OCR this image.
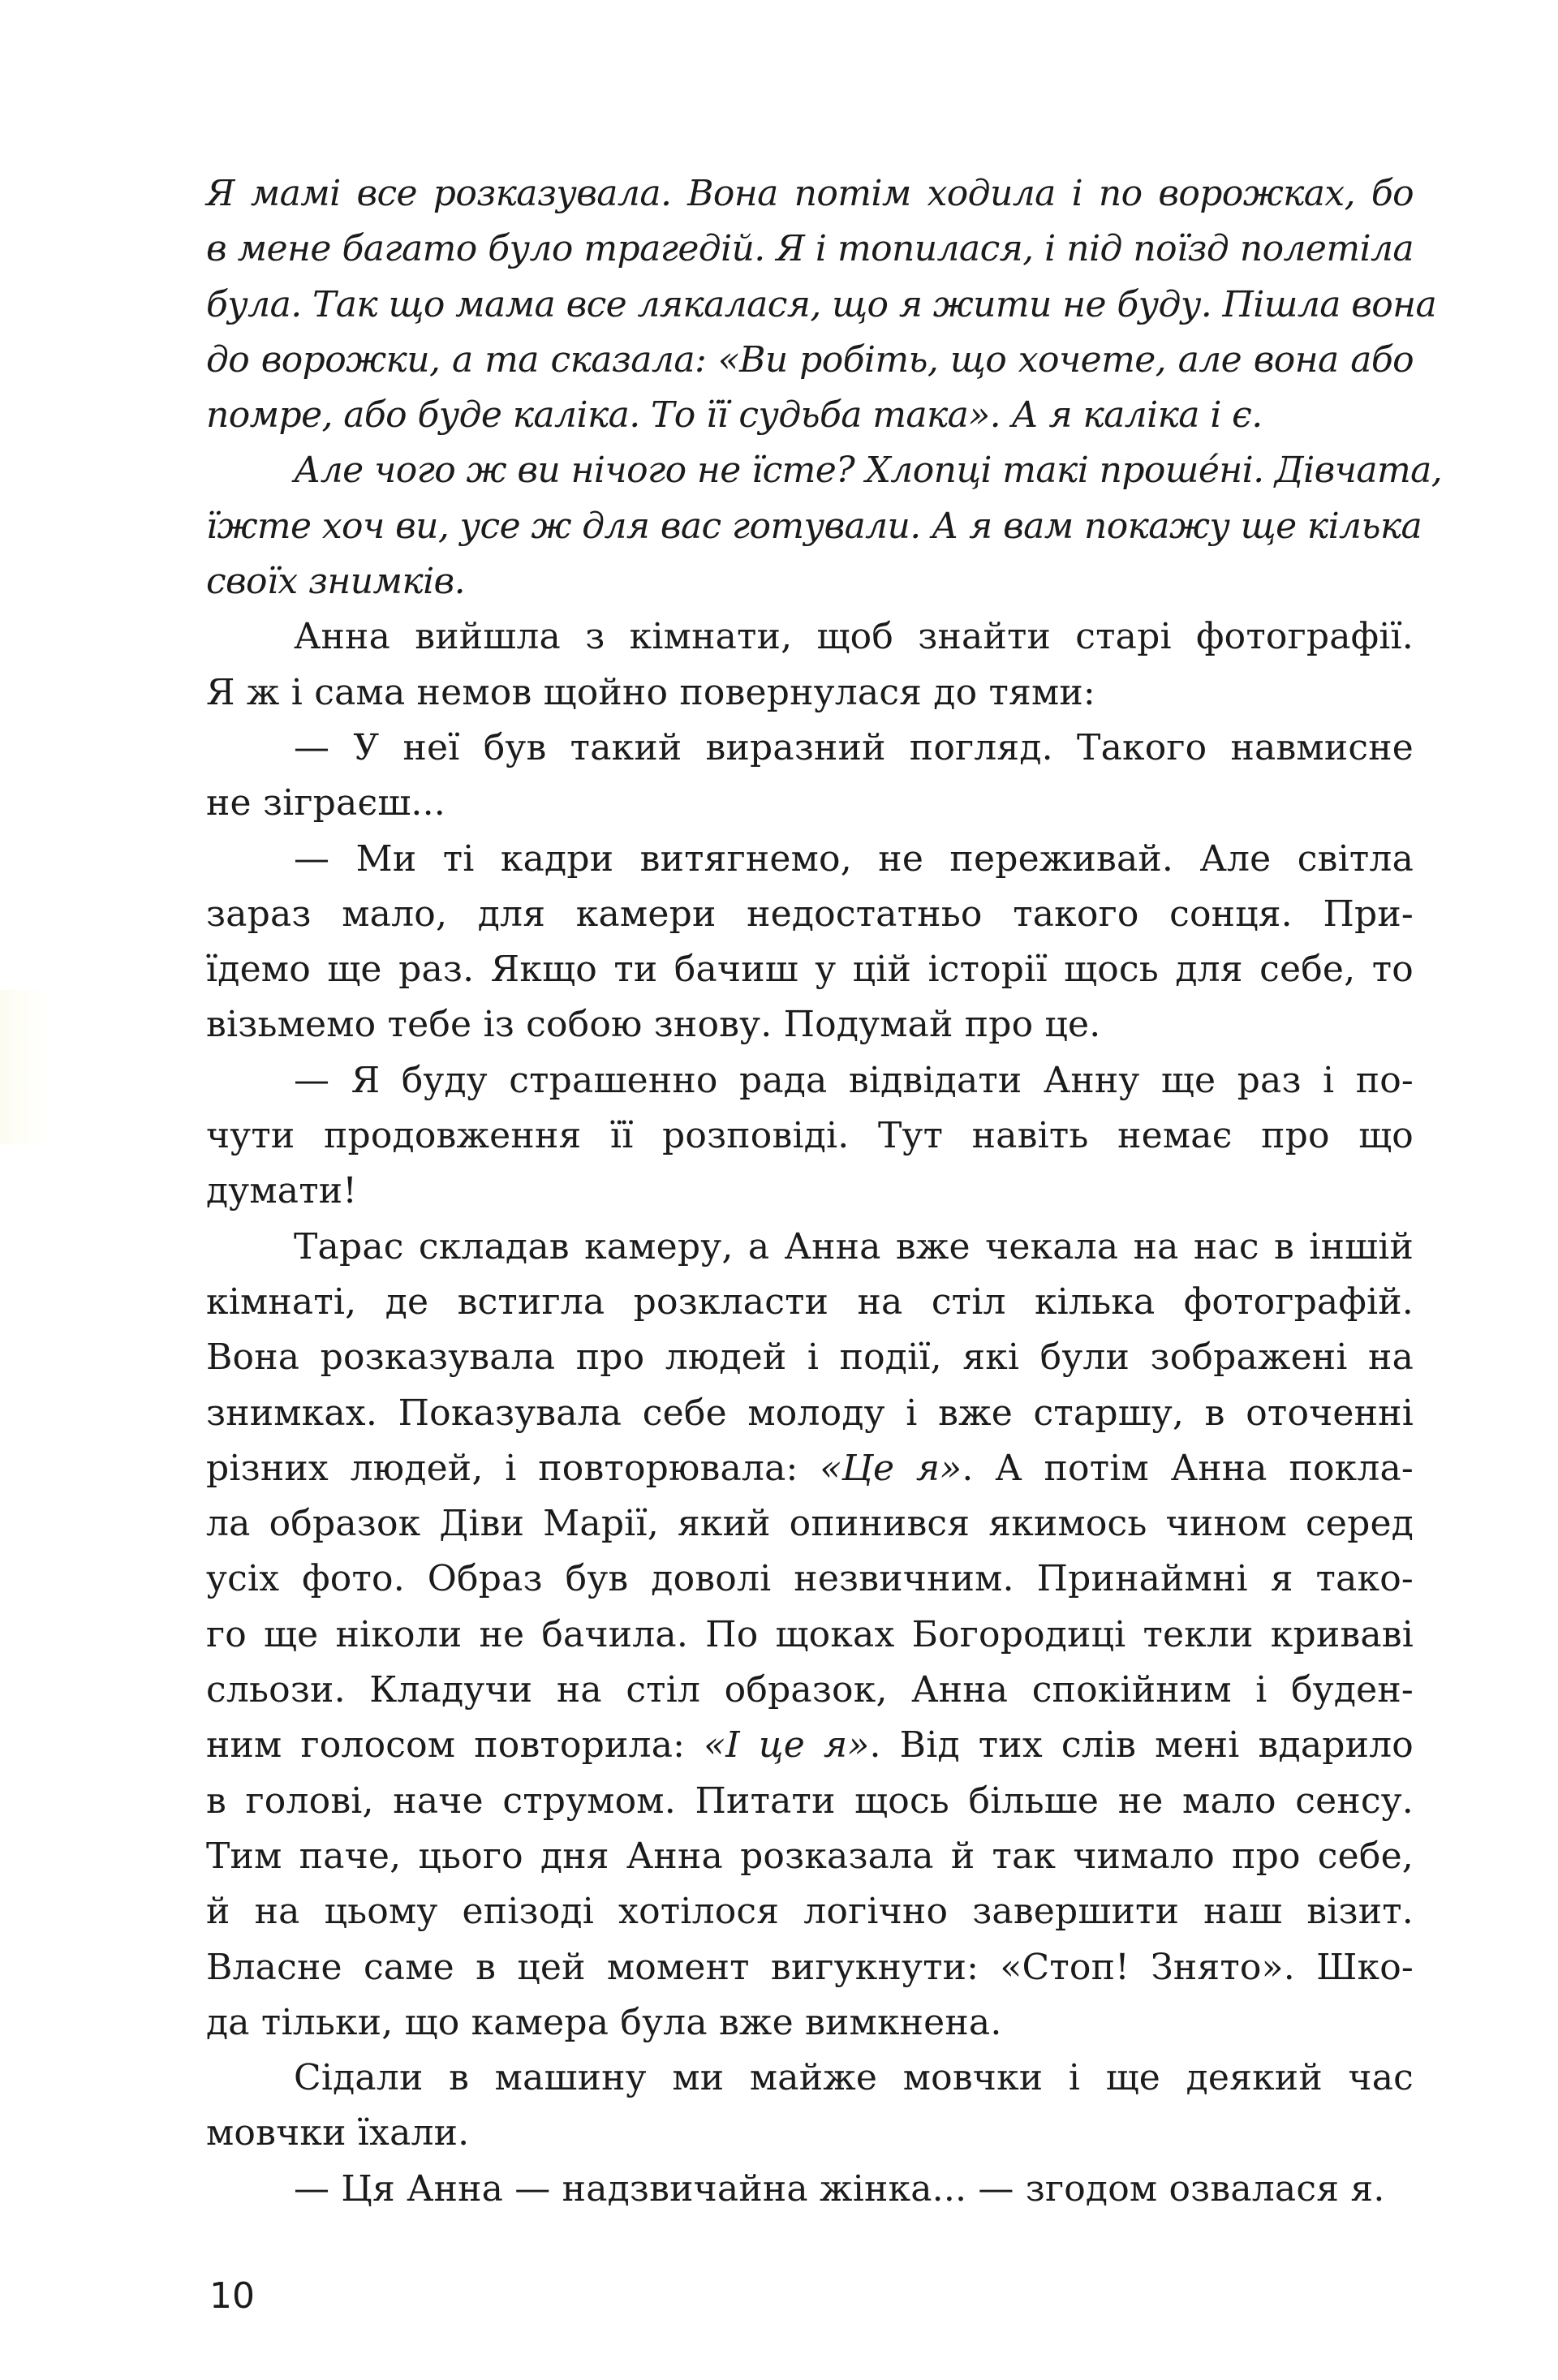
Я мамі все розказувала. Вона потім ходила і по ворожках, бо
в мене багато було трагедій. Я і топилася, і під поїзд полетіла
була. Так що мама все лякалася, що я жити не буду. Пішла вона
до ворожки, а та сказала: «Ви робіть, що хочете, але вона або
помре, або буде каліка. То її судьба така». А я каліка і є.
Але чого ж ви нічого не їсте? Хлопці такі прошéні. Дівчата,
їжте хоч ви, усе ж для вас готували. А я вам покажу ще кілька
своїх знимків.
Анна вийшла з кімнати, щоб знайти старі фотографії.
Я ж і сама немов щойно повернулася до тями:
— У неї був такий виразний погляд. Такого навмисне
не зіграєш...
— Ми ті кадри витягнемо, не переживай. Але світла
зараз мало, для камери недостатньо такого сонця. При-
їдемо ще раз. Якщо ти бачиш у цій історії щось для себе, то
візьмемо тебе із собою знову. Подумай про це.
— Я буду страшенно рада відвідати Анну ще раз і по-
чути продовження її розповіді. Тут навіть немає про що
думати!
Тарас складав камеру, а Анна вже чекала на нас в іншій
кімнаті, де встигла розкласти на стіл кілька фотографій.
Вона розказувала про людей і події, які були зображені на
знимках. Показувала себе молоду і вже старшу, в оточенні
різних людей, і повторювала: «Це я». А потім Анна покла-
ла образок Діви Марії, який опинився якимось чином серед
усіх фото. Образ був доволі незвичним. Принаймні я тако-
го ще ніколи не бачила. По щоках Богородиці текли криваві
сльози. Кладучи на стіл образок, Анна спокійним і буден-
ним голосом повторила: «І це я». Від тих слів мені вдарило
в голові, наче струмом. Питати щось більше не мало сенсу.
Тим паче, цього дня Анна розказала й так чимало про себе,
й на цьому епізоді хотілося логічно завершити наш візит.
Власне саме в цей момент вигукнути: «Стоп! Знято». Шко-
да тільки, що камера була вже вимкнена.
Сідали в машину ми майже мовчки і ще деякий час
мовчки їхали.
— Ця Анна — надзвичайна жінка... — згодом озвалася я.
10
